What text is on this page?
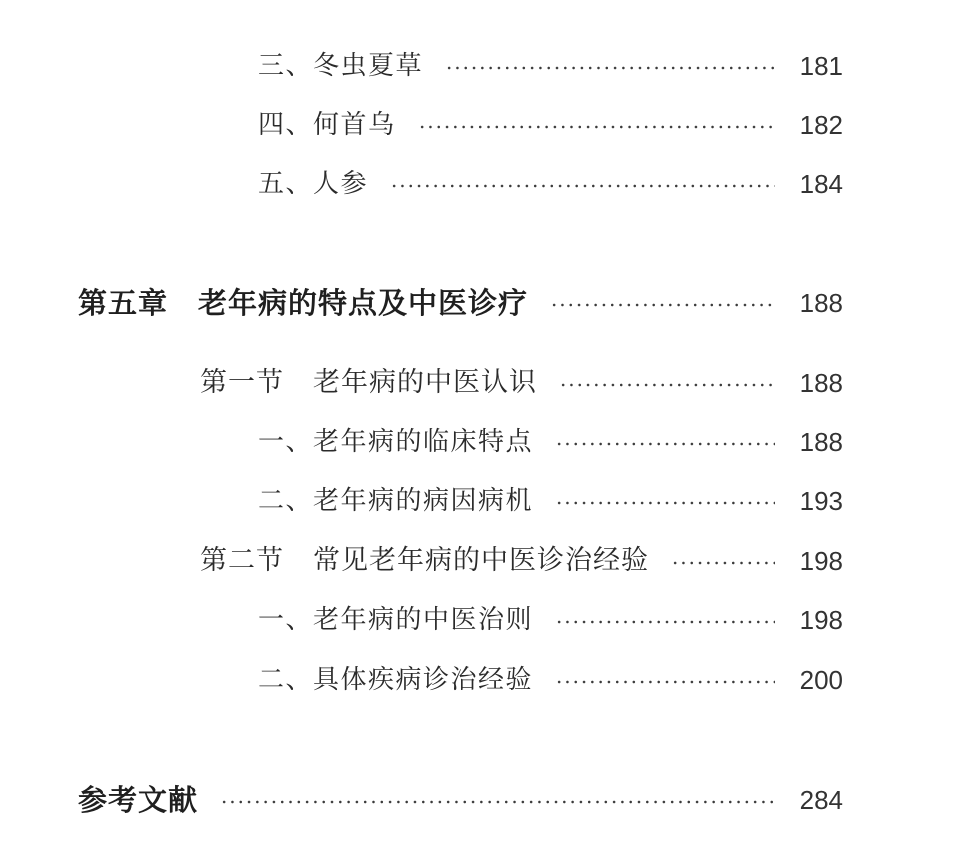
三、冬虫夏草	181
四、何首乌	182
五、人参	184
第五章 老年病的特点及中医诊疗	188
第一节 老年病的中医认识	188
一、老年病的临床特点	188
二、老年病的病因病机	193
第二节 常见老年病的中医诊治经验	198
一、老年病的中医治则	198
二、具体疾病诊治经验	200
参考文献	284
